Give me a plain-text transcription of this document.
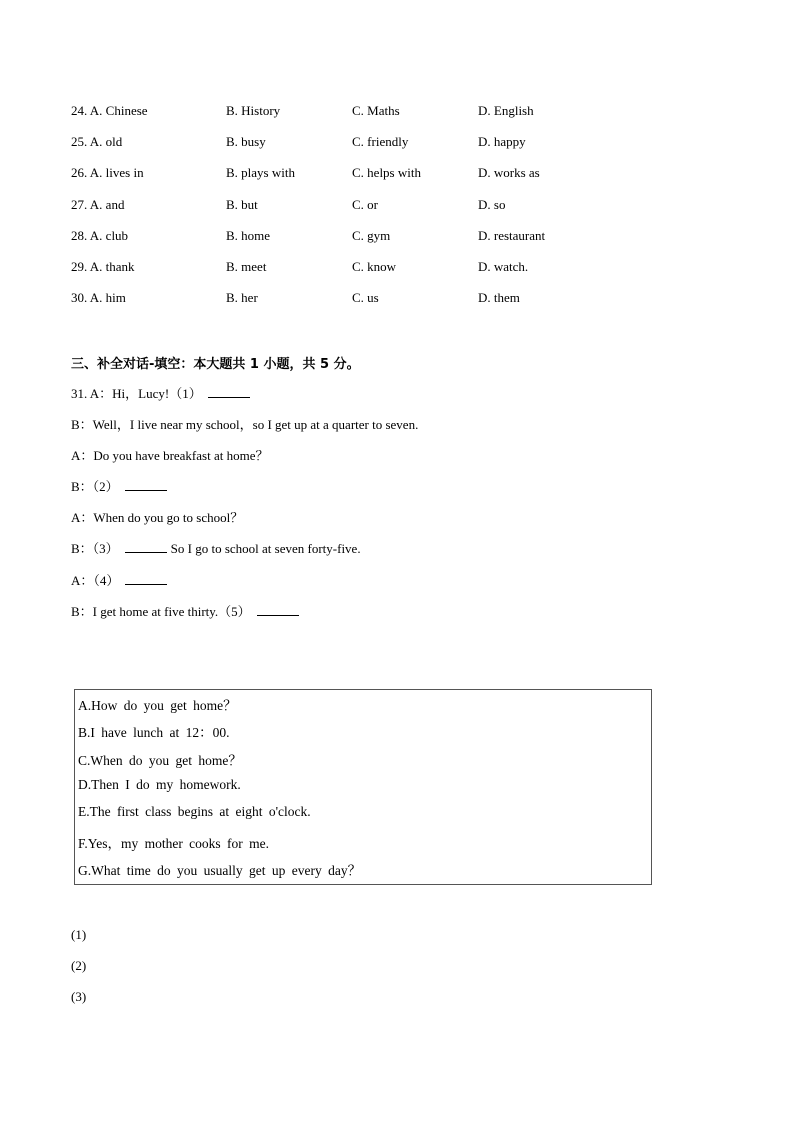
24. A. Chinese	B. History	C. Maths	D. English
25. A. old	B. busy	C. friendly	D. happy
26. A. lives in	B. plays with	C. helps with	D. works as
27. A. and	B. but	C. or	D. so
28. A. club	B. home	C. gym	D. restaurant
29. A. thank	B. meet	C. know	D. watch.
30. A. him	B. her	C. us	D. them
三、补全对话-填空：本大题共 1 小题，共 5 分。
31. A：Hi，Lucy!（1）
B：Well，I live near my school，so I get up at a quarter to seven.
A：Do you have breakfast at home？
B：（2）
A：When do you go to school？
B：（3）	So I go to school at seven forty-five.
A：（4）
B：I get home at five thirty.（5）
A.How do you get home？
B.I have lunch at 12：00.
C.When do you get home？
D.Then I do my homework.
E.The first class begins at eight o'clock.
F.Yes，my mother cooks for me.
G.What time do you usually get up every day？
(1)
(2)
(3)
